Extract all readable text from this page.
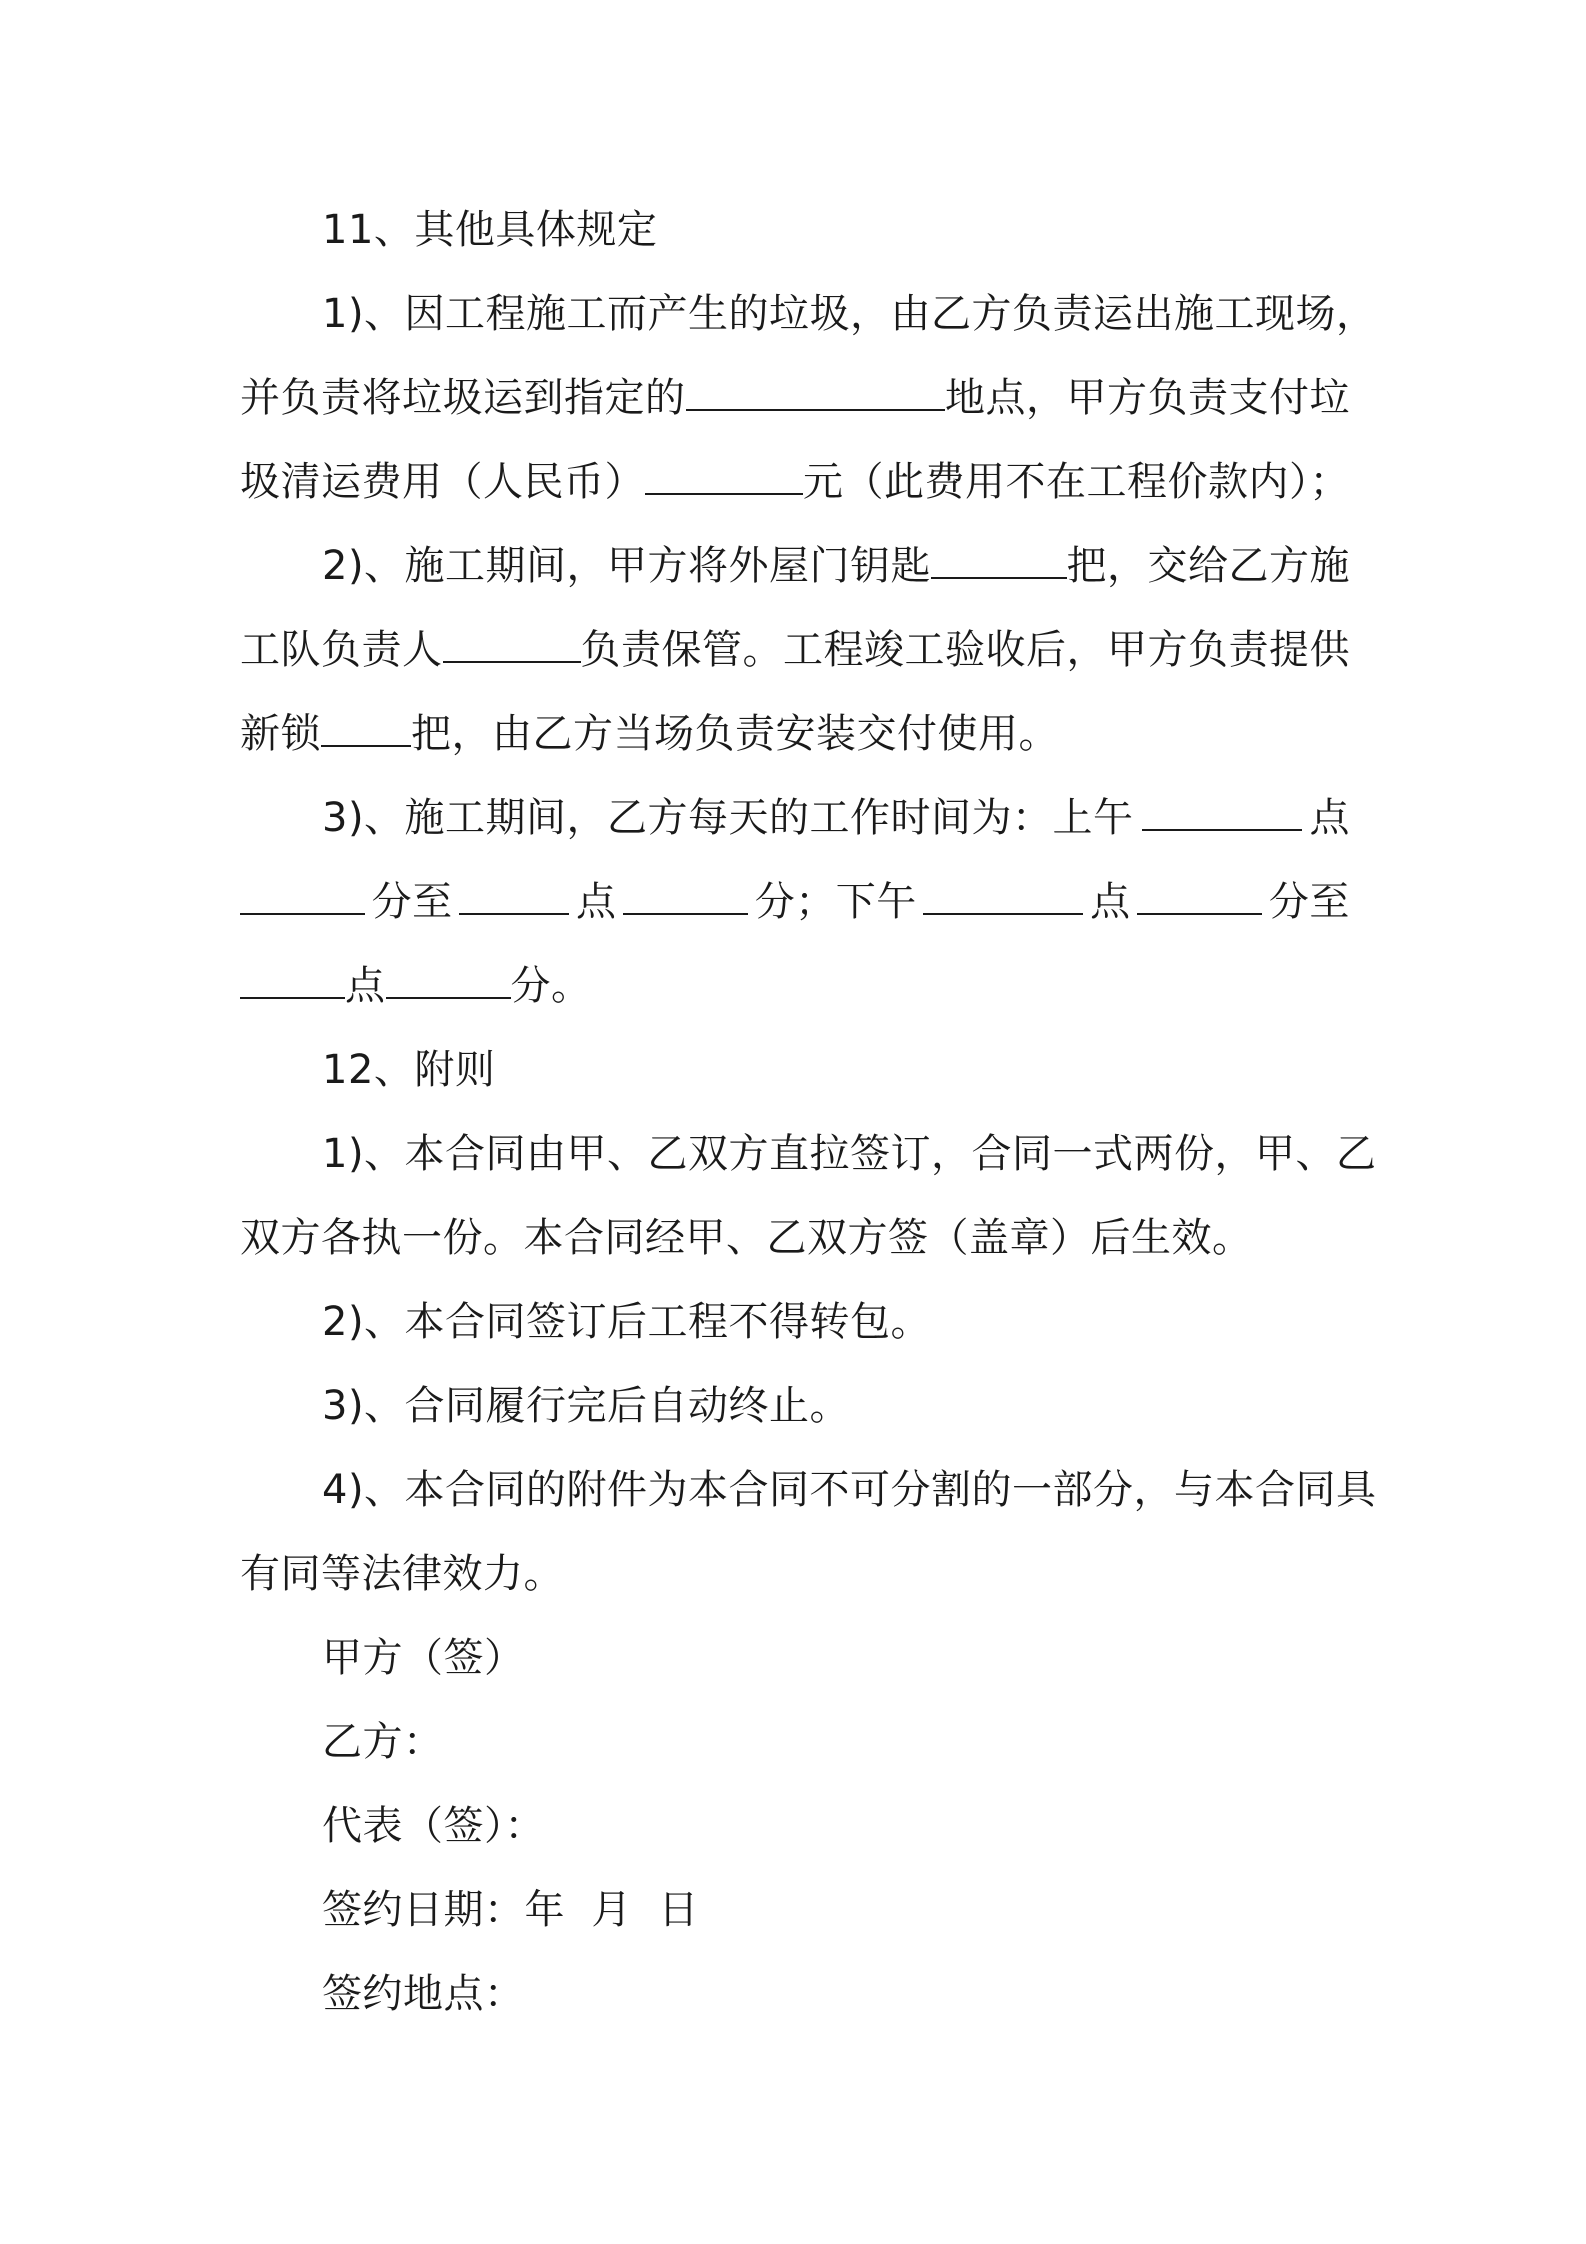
11、其他具体规定
1)、因工程施工而产生的垃圾，由乙方负责运出施工现场，
并负责将垃圾运到指定的	地点，甲方负责支付垃
圾清运费用（人民币）	元（此费用不在工程价款内）；
2)、施工期间，甲方将外屋门钥匙	把，交给乙方施
工队负责人	负责保管。工程竣工验收后，甲方负责提供
新锁 把，由乙方当场负责安装交付使用。
3)、施工期间，乙方每天的工作时间为：上午	点
分至	点	分；下午	点	分至
点	分。
12、附则
1)、本合同由甲、乙双方直拉签订，合同一式两份，甲、乙
双方各执一份。本合同经甲、乙双方签（盖章）后生效。
2)、本合同签订后工程不得转包。
3)、合同履行完后自动终止。
4)、本合同的附件为本合同不可分割的一部分，与本合同具
有同等法律效力。
甲方（签）
乙方：
代表（签）：
签约日期：年  月  日
签约地点：
